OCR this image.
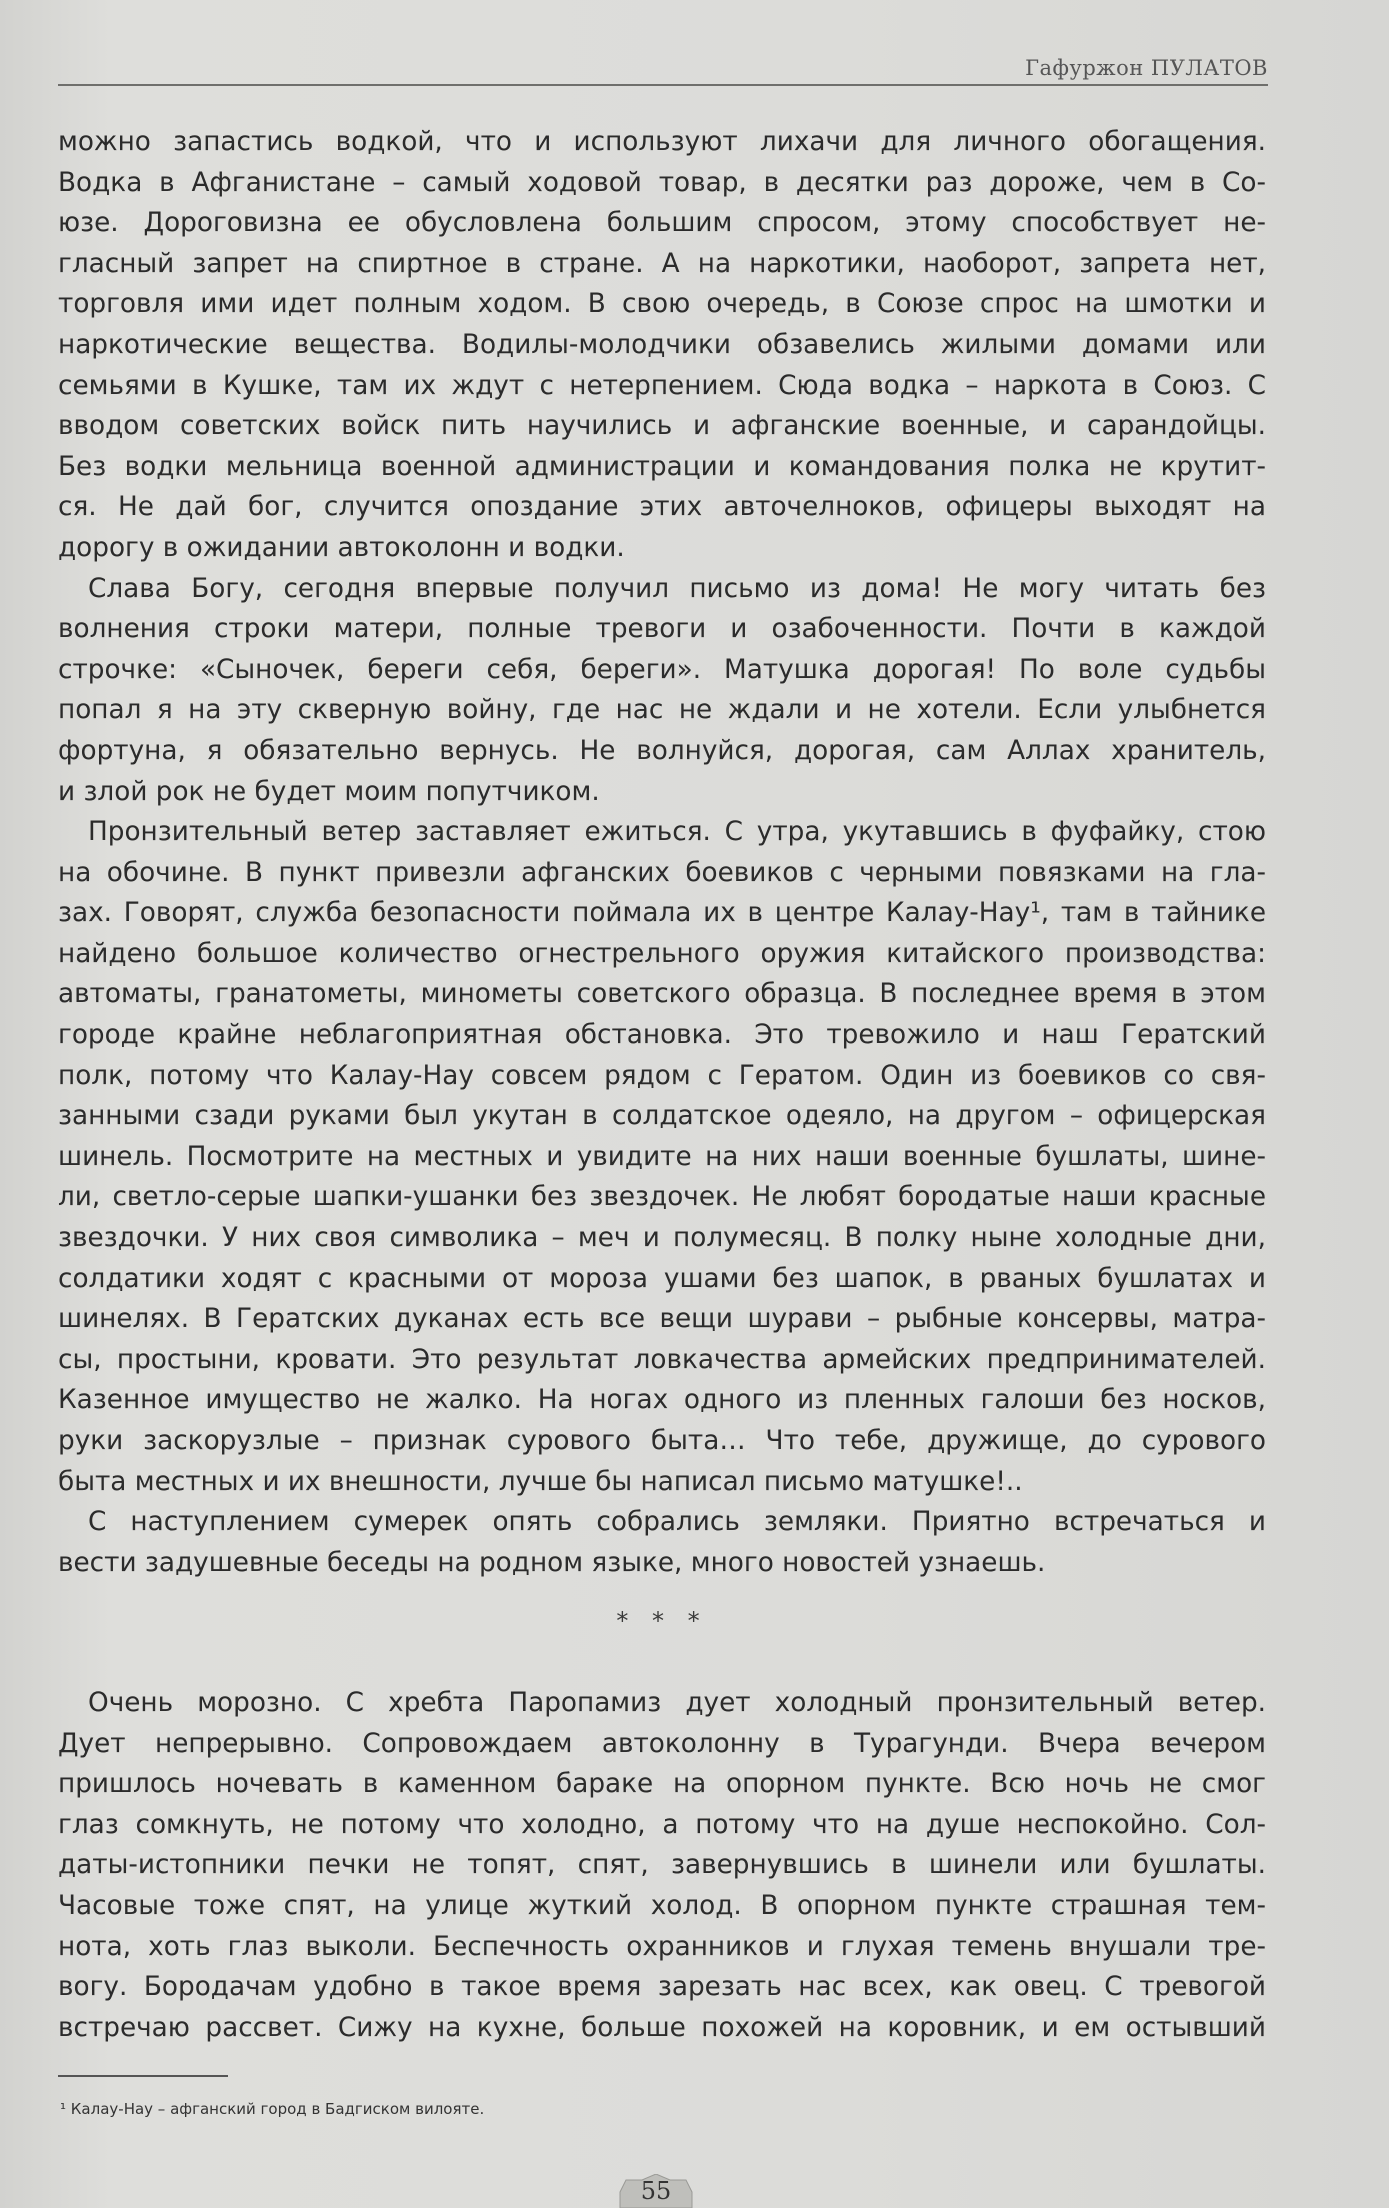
Гафуржон ПУЛАТОВ

можно запастись водкой, что и используют лихачи для личного обогащения.
Водка в Афганистане – самый ходовой товар, в десятки раз дороже, чем в Со-
юзе. Дороговизна ее обусловлена большим спросом, этому способствует не-
гласный запрет на спиртное в стране. А на наркотики, наоборот, запрета нет,
торговля ими идет полным ходом. В свою очередь, в Союзе спрос на шмотки и
наркотические вещества. Водилы-молодчики обзавелись жилыми домами или
семьями в Кушке, там их ждут с нетерпением. Сюда водка – наркота в Союз. С
вводом советских войск пить научились и афганские военные, и сарандойцы.
Без водки мельница военной администрации и командования полка не крутит-
ся. Не дай бог, случится опоздание этих авточелноков, офицеры выходят на
дорогу в ожидании автоколонн и водки.

Слава Богу, сегодня впервые получил письмо из дома! Не могу читать без
волнения строки матери, полные тревоги и озабоченности. Почти в каждой
строчке: «Сыночек, береги себя, береги». Матушка дорогая! По воле судьбы
попал я на эту скверную войну, где нас не ждали и не хотели. Если улыбнется
фортуна, я обязательно вернусь. Не волнуйся, дорогая, сам Аллах хранитель,
и злой рок не будет моим попутчиком.

Пронзительный ветер заставляет ежиться. С утра, укутавшись в фуфайку, стою
на обочине. В пункт привезли афганских боевиков с черными повязками на гла-
зах. Говорят, служба безопасности поймала их в центре Калау-Нау¹, там в тайнике
найдено большое количество огнестрельного оружия китайского производства:
автоматы, гранатометы, минометы советского образца. В последнее время в этом
городе крайне неблагоприятная обстановка. Это тревожило и наш Гератский
полк, потому что Калау-Нау совсем рядом с Гератом. Один из боевиков со свя-
занными сзади руками был укутан в солдатское одеяло, на другом – офицерская
шинель. Посмотрите на местных и увидите на них наши военные бушлаты, шине-
ли, светло-серые шапки-ушанки без звездочек. Не любят бородатые наши красные
звездочки. У них своя символика – меч и полумесяц. В полку ныне холодные дни,
солдатики ходят с красными от мороза ушами без шапок, в рваных бушлатах и
шинелях. В Гератских дуканах есть все вещи шурави – рыбные консервы, матра-
сы, простыни, кровати. Это результат ловкачества армейских предпринимателей.
Казенное имущество не жалко. На ногах одного из пленных галоши без носков,
руки заскорузлые – признак сурового быта… Что тебе, дружище, до сурового
быта местных и их внешности, лучше бы написал письмо матушке!..

С наступлением сумерек опять собрались земляки. Приятно встречаться и
вести задушевные беседы на родном языке, много новостей узнаешь.

* * *

Очень морозно. С хребта Паропамиз дует холодный пронзительный ветер.
Дует непрерывно. Сопровождаем автоколонну в Турагунди. Вчера вечером
пришлось ночевать в каменном бараке на опорном пункте. Всю ночь не смог
глаз сомкнуть, не потому что холодно, а потому что на душе неспокойно. Сол-
даты-истопники печки не топят, спят, завернувшись в шинели или бушлаты.
Часовые тоже спят, на улице жуткий холод. В опорном пункте страшная тем-
нота, хоть глаз выколи. Беспечность охранников и глухая темень внушали тре-
вогу. Бородачам удобно в такое время зарезать нас всех, как овец. С тревогой
встречаю рассвет. Сижу на кухне, больше похожей на коровник, и ем остывший

¹ Калау-Нау – афганский город в Бадгиском вилояте.
55
